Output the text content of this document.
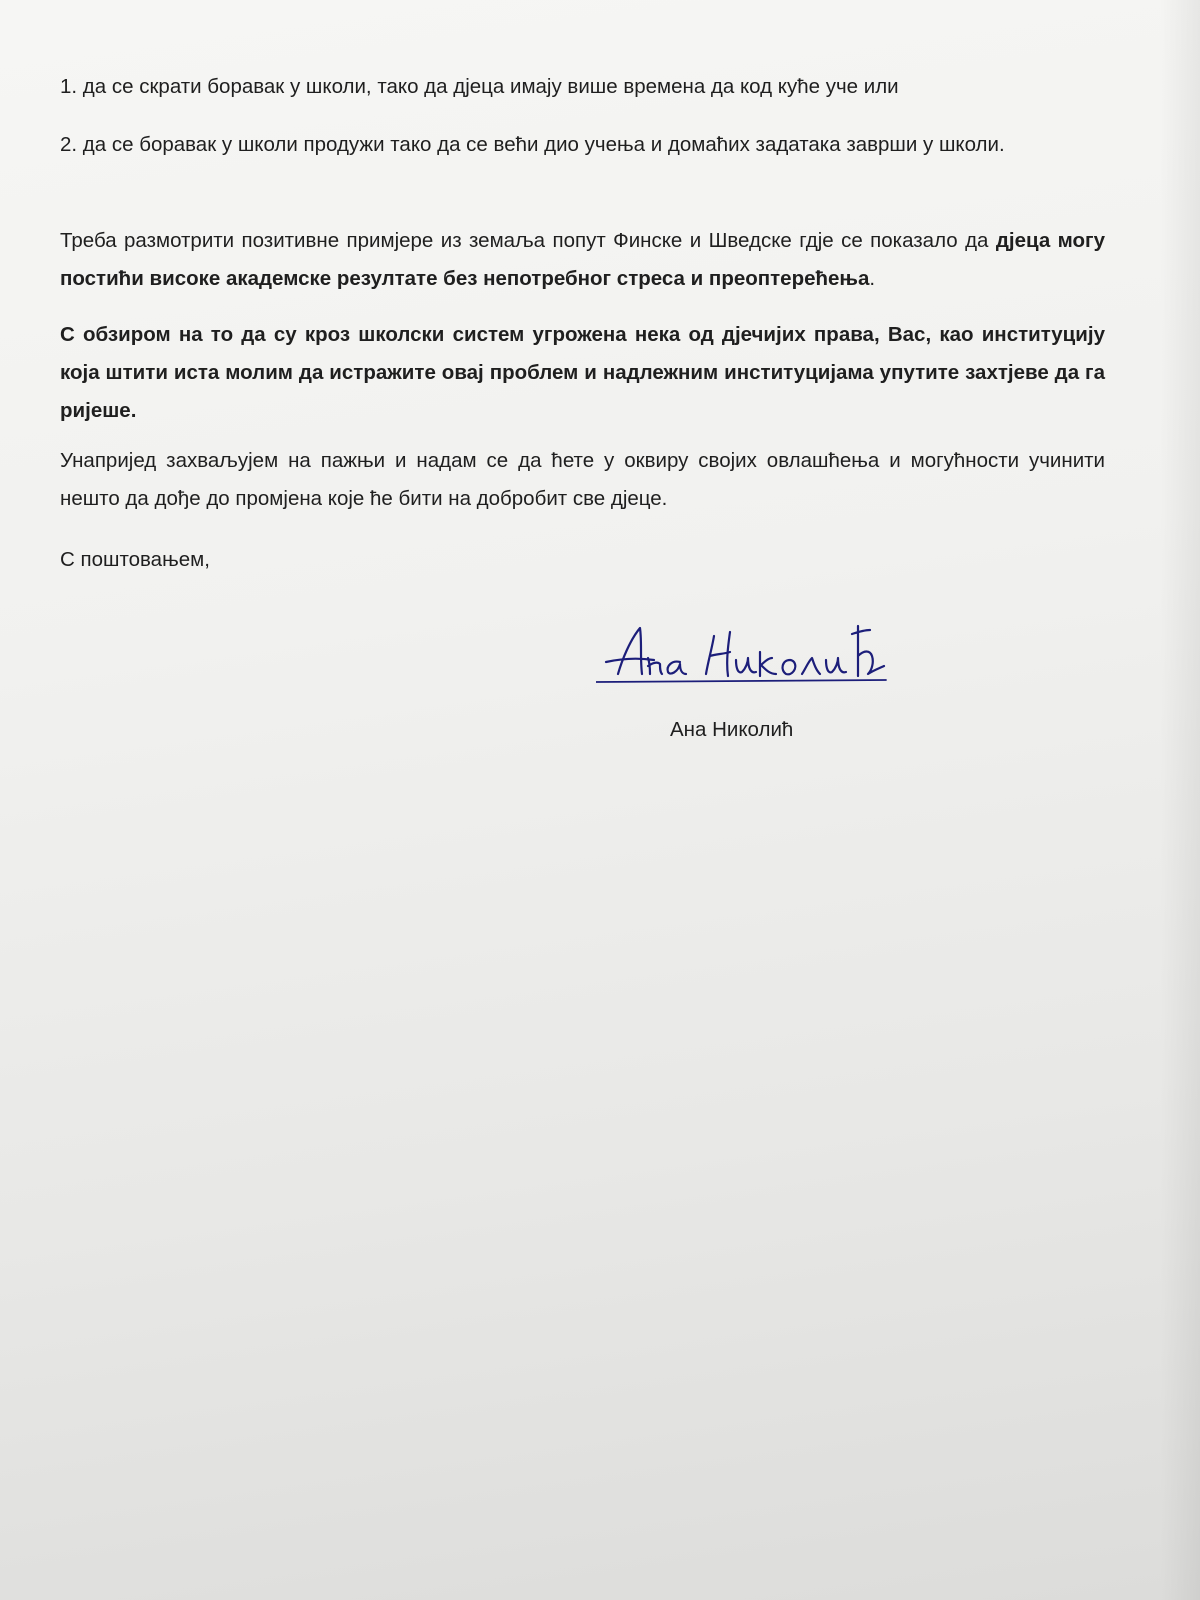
1. да се скрати боравак у школи, тако да дјеца имају више времена да код куће уче или

2. да се боравак у школи продужи тако да се већи дио учења и домаћих задатака заврши у школи.

Треба размотрити позитивне примјере из земаља попут Финске и Шведске гдје се показало да дјеца могу постићи високе академске резултате без непотребног стреса и преоптерећења.

С обзиром на то да су кроз школски систем угрожена нека од дјечијих права, Вас, као институцију која штити иста молим да истражите овај проблем и надлежним институцијама упутите захтјеве да га ријеше.

Унапријед захваљујем на пажњи и надам се да ћете у оквиру својих овлашћења и могућности учинити нешто да дође до промјена које ће бити на добробит све дјеце.

С поштовањем,

Ана Николић
